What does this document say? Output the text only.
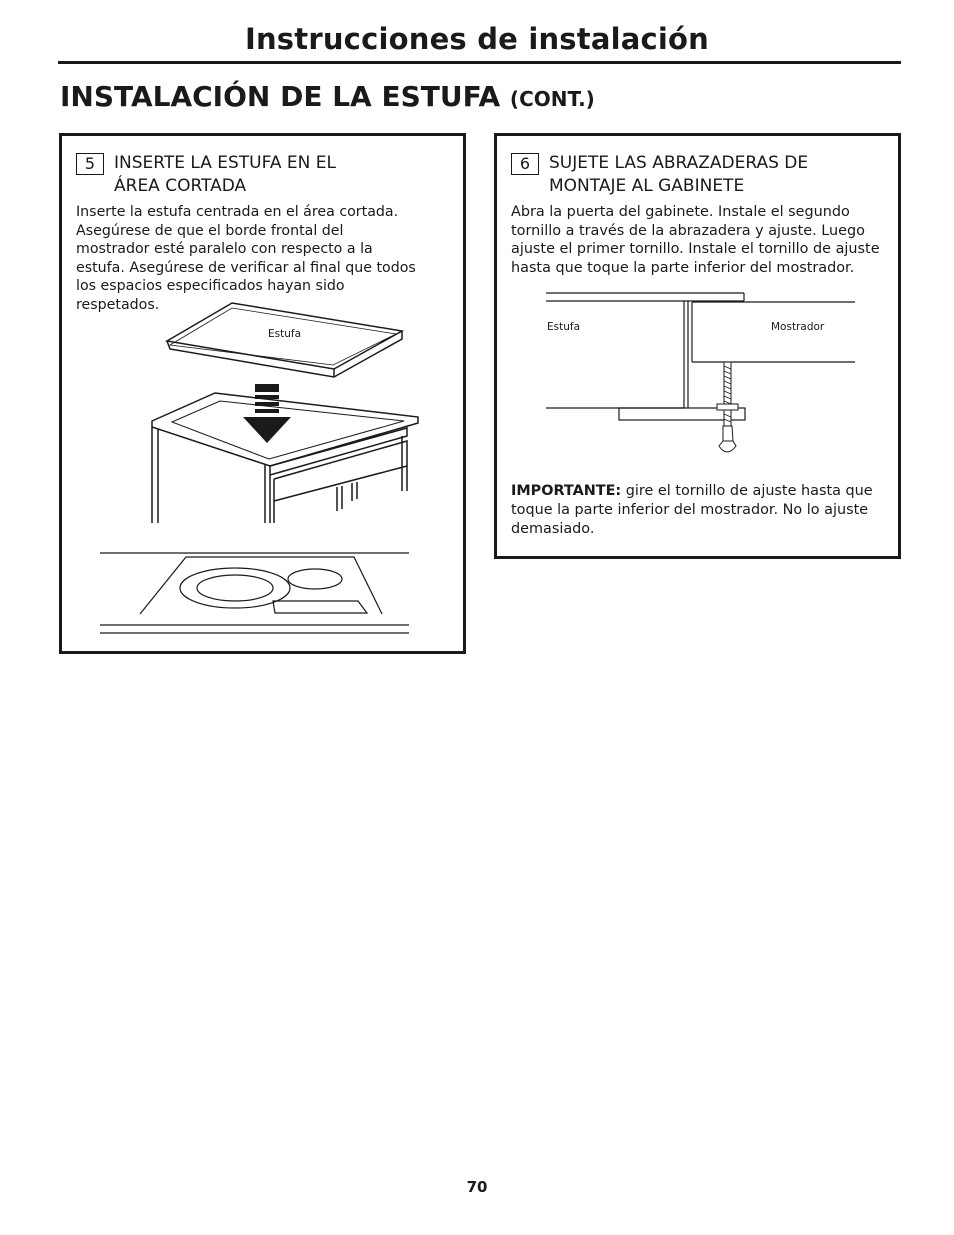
Instrucciones de instalación
INSTALACIÓN DE LA ESTUFA (CONT.)
5	INSERTE LA ESTUFA EN EL ÁREA CORTADA
Inserte la estufa centrada en el área cortada. Asegúrese de que el borde frontal del mostrador esté paralelo con respecto a la estufa. Asegúrese de verificar al final que todos los espacios especificados hayan sido respetados.
Estufa
6	SUJETE LAS ABRAZADERAS DE MONTAJE AL GABINETE
Abra la puerta del gabinete. Instale el segundo tornillo a través de la abrazadera y ajuste. Luego ajuste el primer tornillo. Instale el tornillo de ajuste hasta que toque la parte inferior del mostrador.
Estufa	Mostrador
IMPORTANTE: gire el tornillo de ajuste hasta que toque la parte inferior del mostrador. No lo ajuste demasiado.
70
